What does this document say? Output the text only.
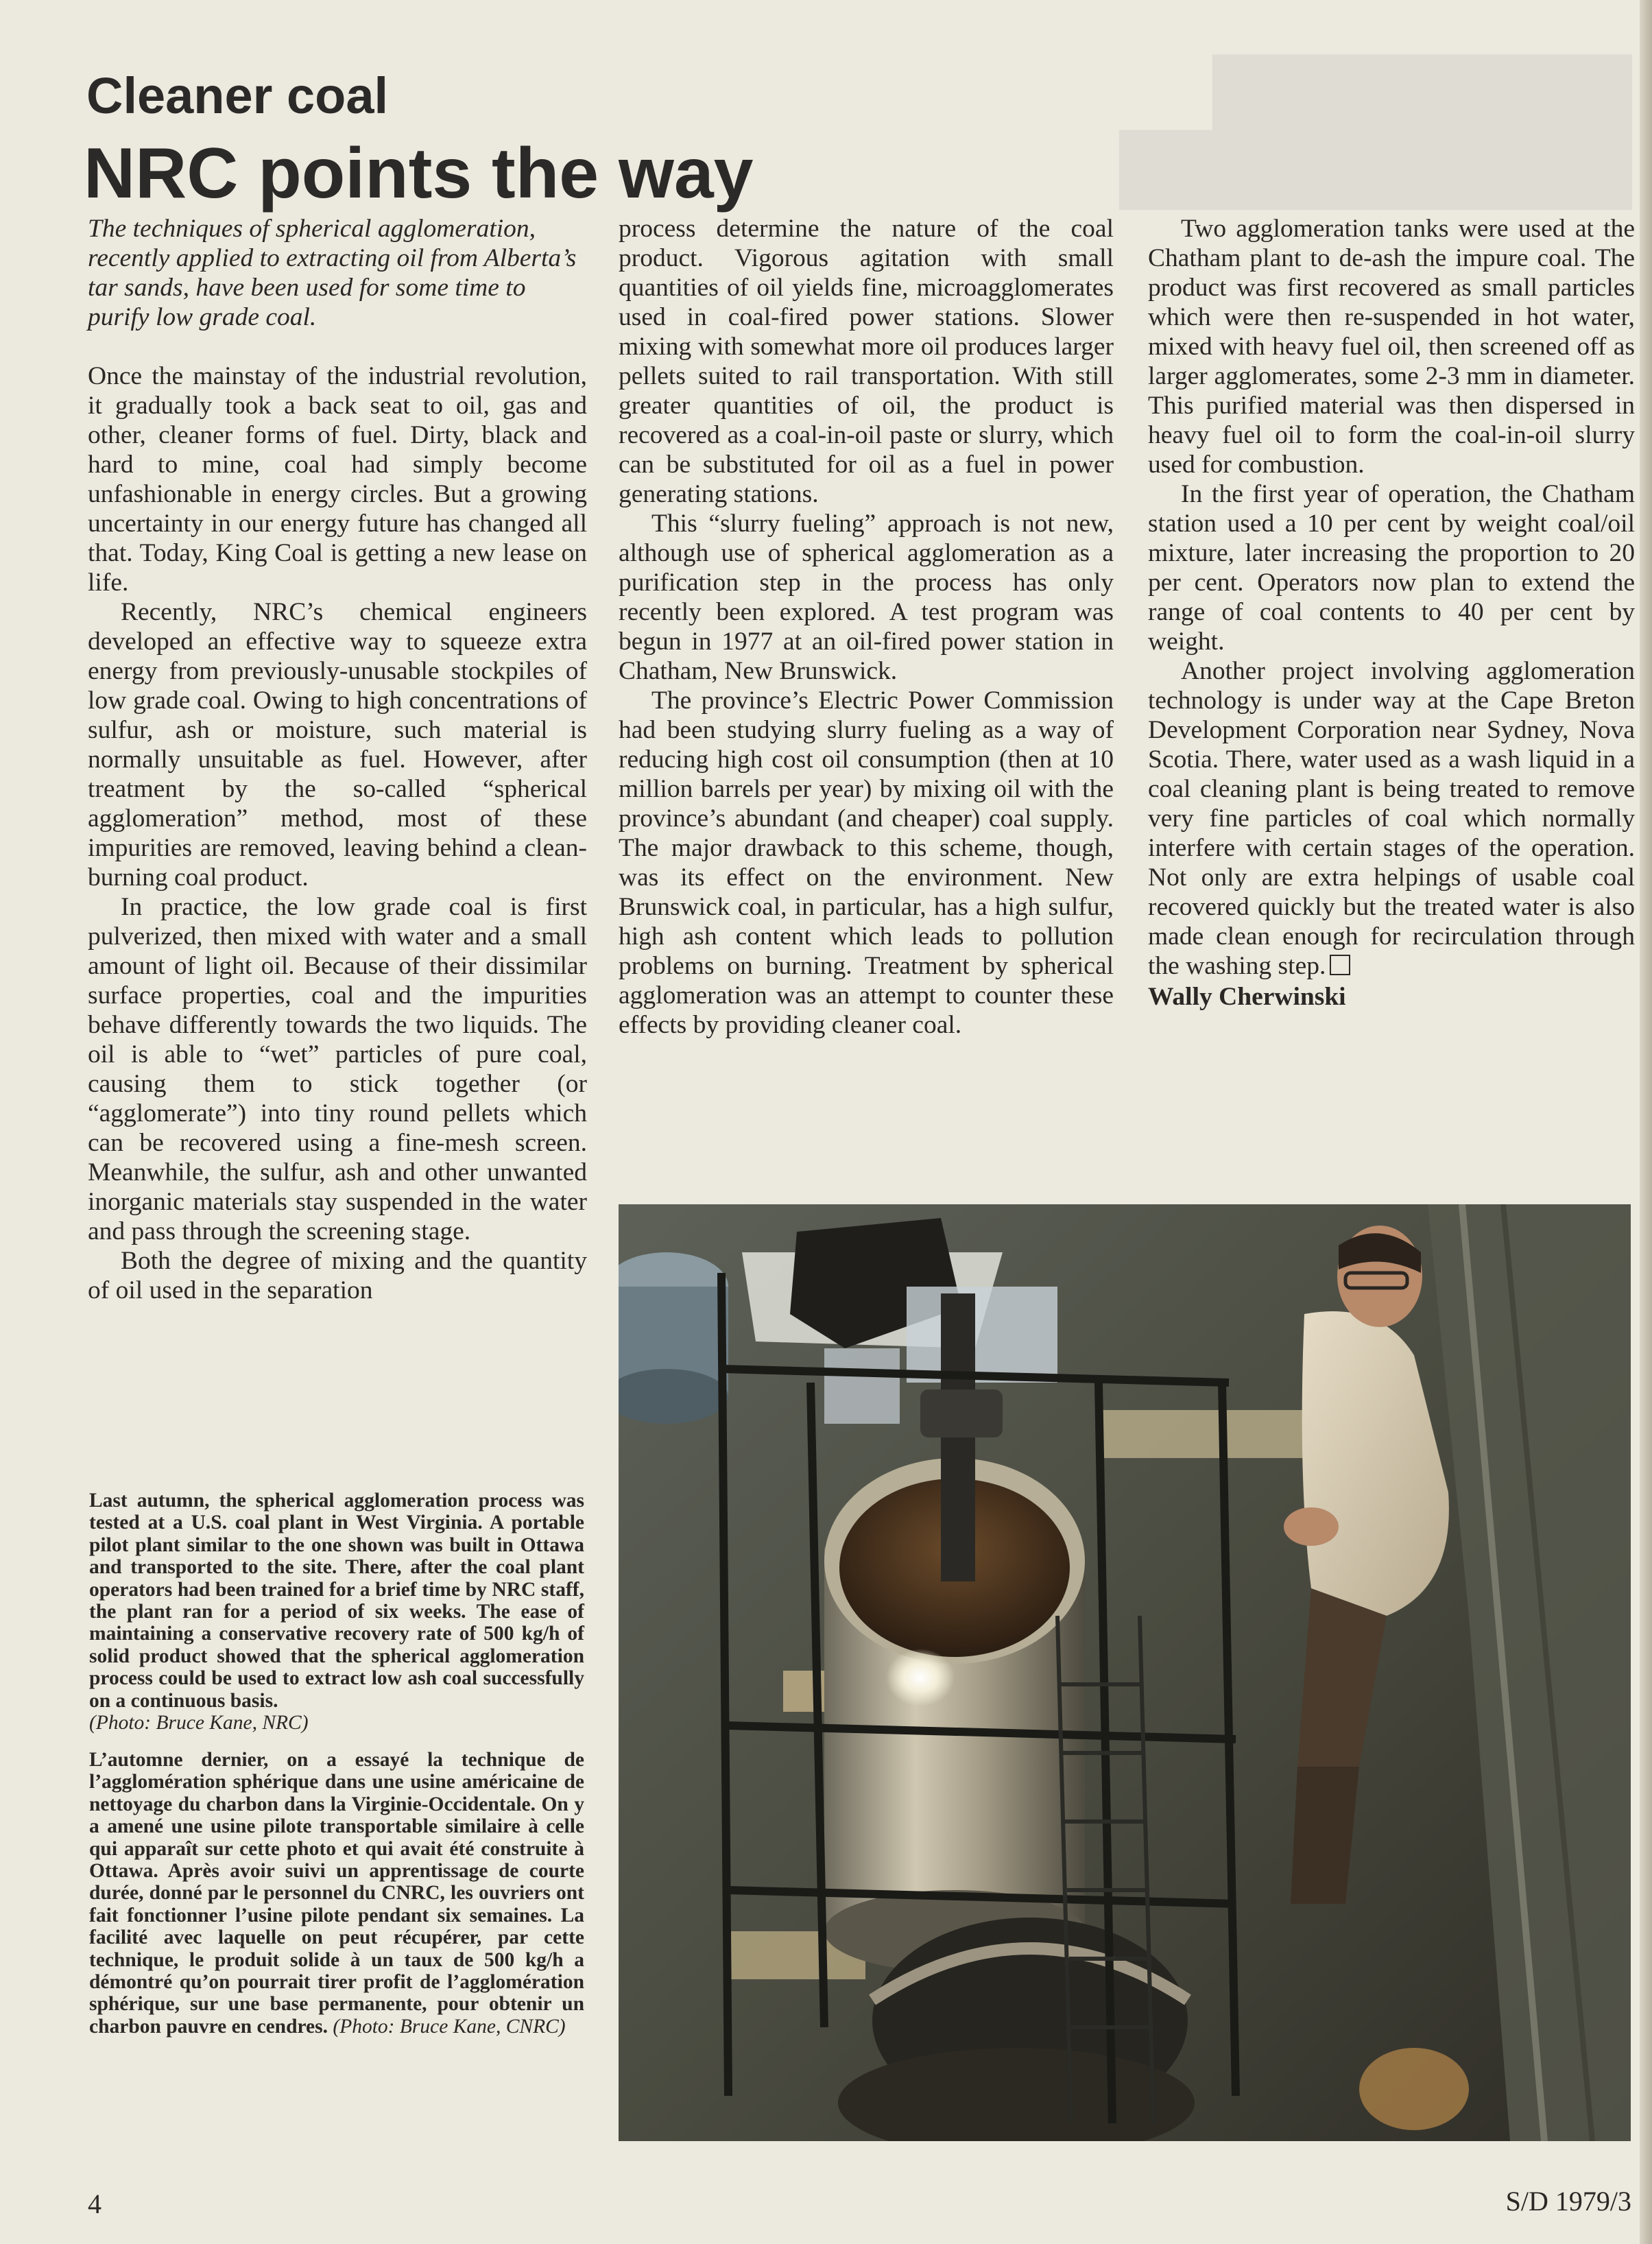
█████████
███████████
Cleaner coal
NRC points the way

The techniques of spherical agglomeration, recently applied to extracting oil from Alberta’s tar sands, have been used for some time to purify low grade coal.

Once the mainstay of the industrial revolution, it gradually took a back seat to oil, gas and other, cleaner forms of fuel. Dirty, black and hard to mine, coal had simply become unfashionable in energy circles. But a growing uncertainty in our energy future has changed all that. Today, King Coal is getting a new lease on life.

Recently, NRC’s chemical engineers developed an effective way to squeeze extra energy from previously-unusable stockpiles of low grade coal. Owing to high concentrations of sulfur, ash or moisture, such material is normally unsuitable as fuel. However, after treatment by the so-called “spherical agglomeration” method, most of these impurities are removed, leaving behind a clean-burning coal product.

In practice, the low grade coal is first pulverized, then mixed with water and a small amount of light oil. Because of their dissimilar surface properties, coal and the impurities behave differently towards the two liquids. The oil is able to “wet” particles of pure coal, causing them to stick together (or “agglomerate”) into tiny round pellets which can be recovered using a fine-mesh screen. Meanwhile, the sulfur, ash and other unwanted inorganic materials stay suspended in the water and pass through the screening stage.

Both the degree of mixing and the quantity of oil used in the separation

process determine the nature of the coal product. Vigorous agitation with small quantities of oil yields fine, microagglomerates used in coal-fired power stations. Slower mixing with somewhat more oil produces larger pellets suited to rail transportation. With still greater quantities of oil, the product is recovered as a coal-in-oil paste or slurry, which can be substituted for oil as a fuel in power generating stations.

This “slurry fueling” approach is not new, although use of spherical agglomeration as a purification step in the process has only recently been explored. A test program was begun in 1977 at an oil-fired power station in Chatham, New Brunswick.

The province’s Electric Power Commission had been studying slurry fueling as a way of reducing high cost oil consumption (then at 10 million barrels per year) by mixing oil with the province’s abundant (and cheaper) coal supply. The major drawback to this scheme, though, was its effect on the environment. New Brunswick coal, in particular, has a high sulfur, high ash content which leads to pollution problems on burning. Treatment by spherical agglomeration was an attempt to counter these effects by providing cleaner coal.

Two agglomeration tanks were used at the Chatham plant to de-ash the impure coal. The product was first recovered as small particles which were then re-suspended in hot water, mixed with heavy fuel oil, then screened off as larger agglomerates, some 2-3 mm in diameter. This purified material was then dispersed in heavy fuel oil to form the coal-in-oil slurry used for combustion.

In the first year of operation, the Chatham station used a 10 per cent by weight coal/oil mixture, later increasing the proportion to 20 per cent. Operators now plan to extend the range of coal contents to 40 per cent by weight.

Another project involving agglomeration technology is under way at the Cape Breton Development Corporation near Sydney, Nova Scotia. There, water used as a wash liquid in a coal cleaning plant is being treated to remove very fine particles of coal which normally interfere with certain stages of the operation. Not only are extra helpings of usable coal recovered quickly but the treated water is also made clean enough for recirculation through the washing step.

Wally Cherwinski

Last autumn, the spherical agglomeration process was tested at a U.S. coal plant in West Virginia. A portable pilot plant similar to the one shown was built in Ottawa and transported to the site. There, after the coal plant operators had been trained for a brief time by NRC staff, the plant ran for a period of six weeks. The ease of maintaining a conservative recovery rate of 500 kg/h of solid product showed that the spherical agglomeration process could be used to extract low ash coal successfully on a continuous basis.
(Photo: Bruce Kane, NRC)

L’automne dernier, on a essayé la technique de l’agglomération sphérique dans une usine américaine de nettoyage du charbon dans la Virginie-Occidentale. On y a amené une usine pilote transportable similaire à celle qui apparaît sur cette photo et qui avait été construite à Ottawa. Après avoir suivi un apprentissage de courte durée, donné par le personnel du CNRC, les ouvriers ont fait fonctionner l’usine pilote pendant six semaines. La facilité avec laquelle on peut récupérer, par cette technique, le produit solide à un taux de 500 kg/h a démontré qu’on pourrait tirer profit de l’agglomération sphérique, sur une base permanente, pour obtenir un charbon pauvre en cendres. (Photo: Bruce Kane, CNRC)

4	S/D 1979/3
